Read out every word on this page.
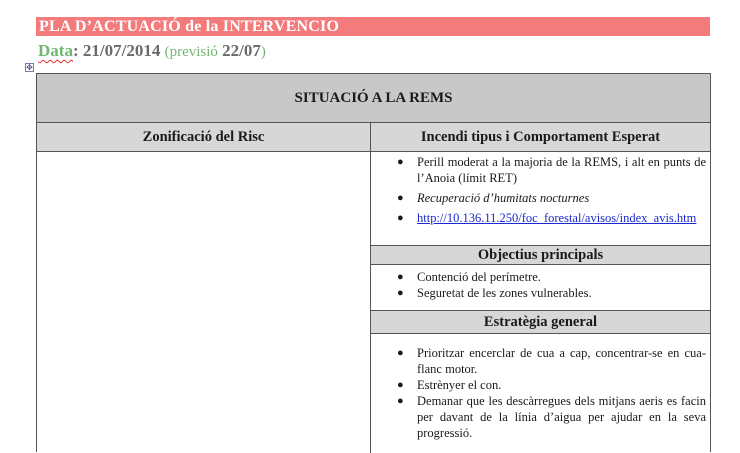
PLA D’ACTUACIÓ de la INTERVENCIO
Data: 21/07/2014 (previsió 22/07)
✥
SITUACIÓ A LA REMS
Zonificació del Risc	Incendi tipus i Comportament Esperat
● Perill moderat a la majoria de la REMS, i alt en punts de l’Anoia (límit RET)
● Recuperació d’humitats nocturnes
● http://10.136.11.250/foc_forestal/avisos/index_avis.htm
Objectius principals
● Contenció del perímetre.
● Seguretat de les zones vulnerables.
Estratègia general
● Prioritzar encerclar de cua a cap, concentrar-se en cua-flanc motor.
● Estrènyer el con.
● Demanar que les descàrregues dels mitjans aeris es facin per davant de la línia d’aigua per ajudar en la seva progressió.
